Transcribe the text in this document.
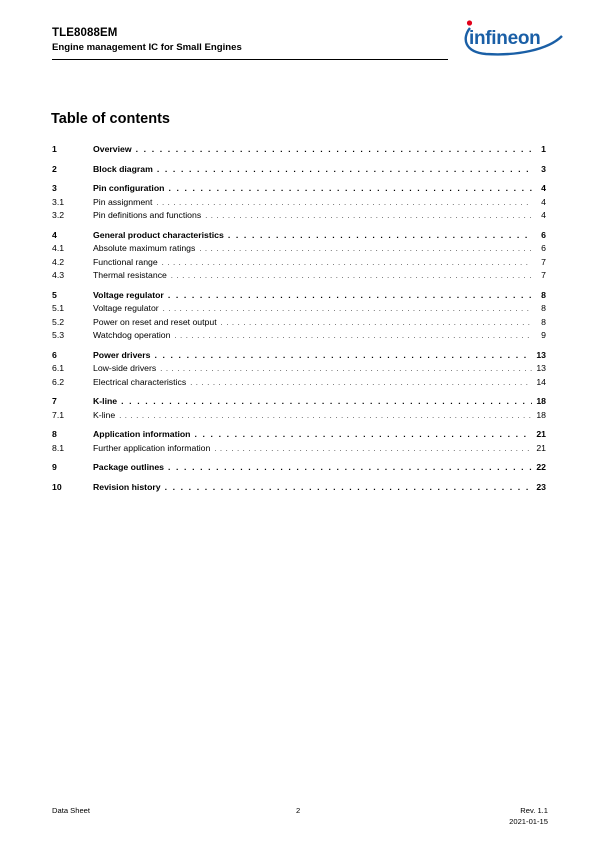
TLE8088EM
Engine management IC for Small Engines	infineon
Table of contents
1	Overview . . .	1
2	Block diagram . . .	3
3	Pin configuration . . .	4
3.1	Pin assignment . . .	4
3.2	Pin definitions and functions . . .	4
4	General product characteristics . . .	6
4.1	Absolute maximum ratings . . .	6
4.2	Functional range . . .	7
4.3	Thermal resistance . . .	7
5	Voltage regulator . . .	8
5.1	Voltage regulator . . .	8
5.2	Power on reset and reset output . . .	8
5.3	Watchdog operation . . .	9
6	Power drivers . . .	13
6.1	Low-side drivers . . .	13
6.2	Electrical characteristics . . .	14
7	K-line . . .	18
7.1	K-line . . .	18
8	Application information . . .	21
8.1	Further application information . . .	21
9	Package outlines . . .	22
10	Revision history . . .	23
Data Sheet	2	Rev. 1.1
2021-01-15
